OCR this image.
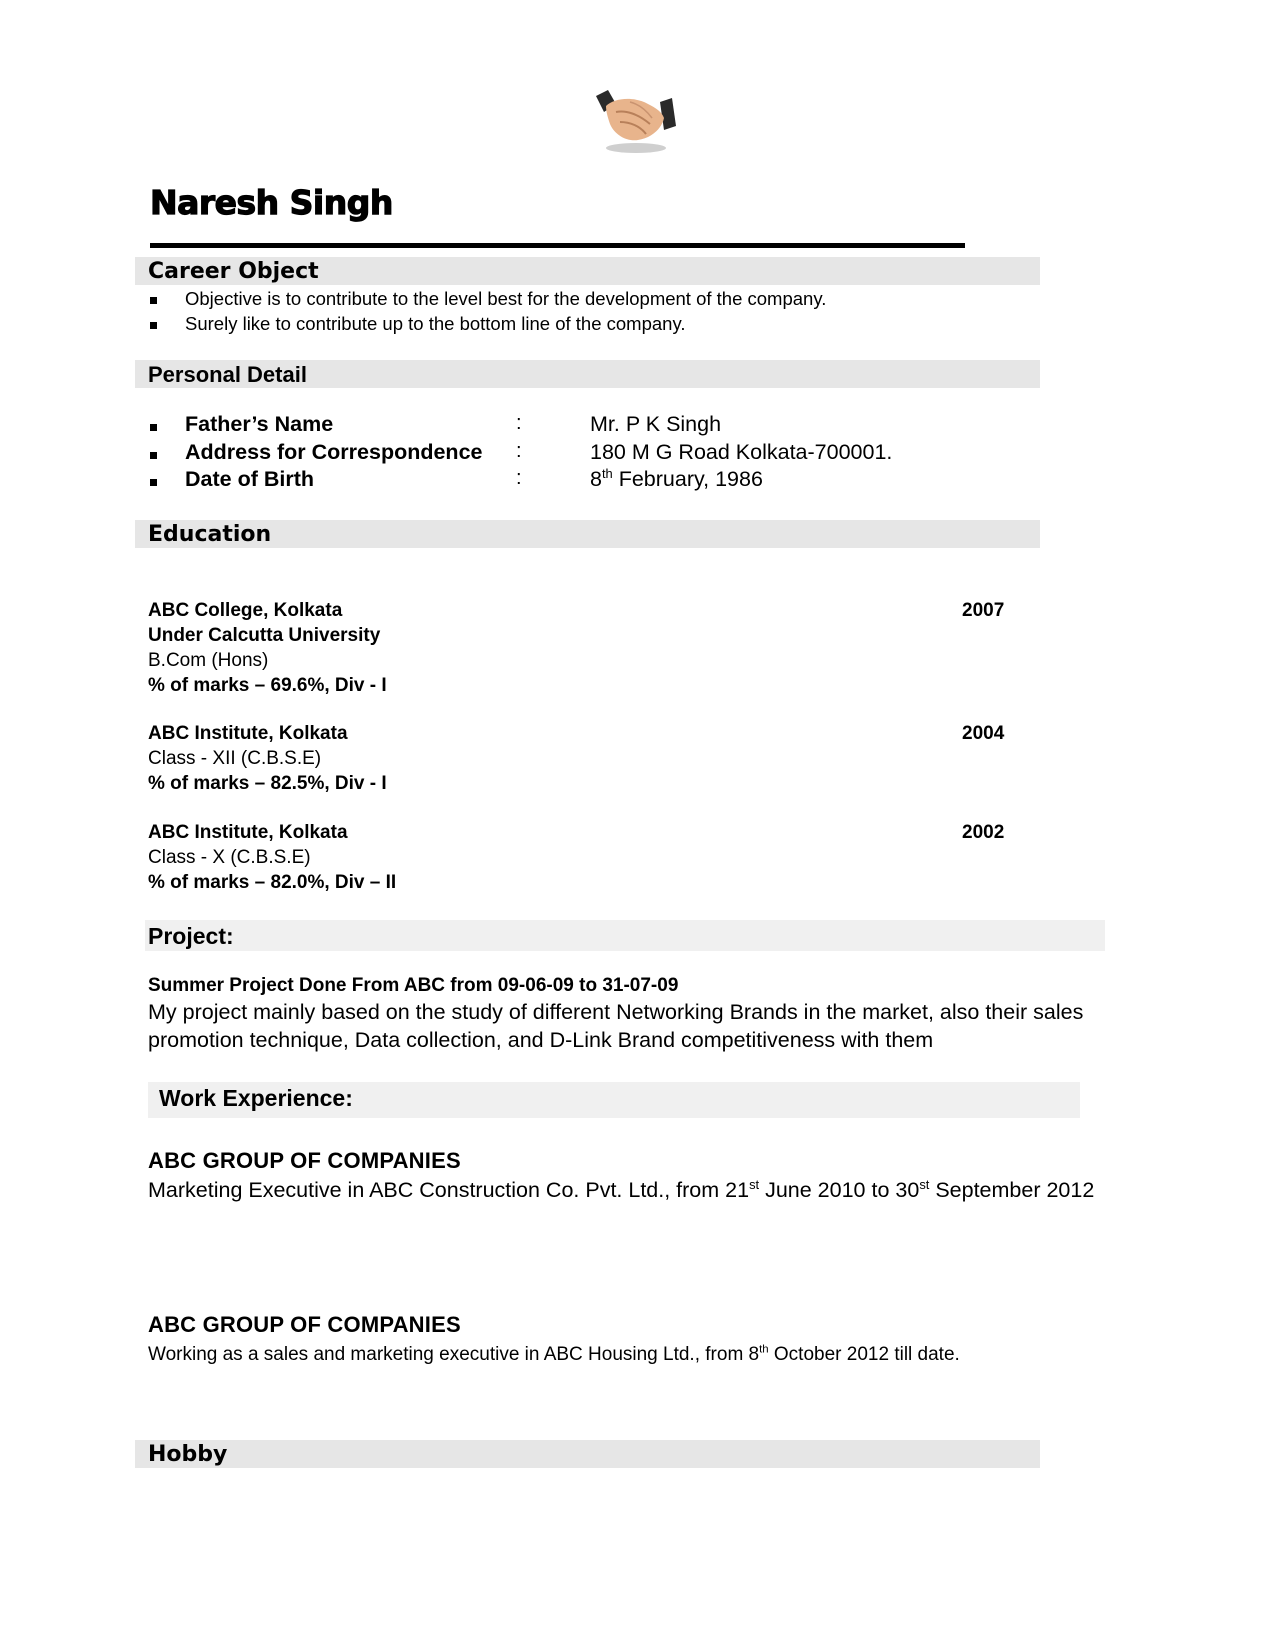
Naresh Singh
Career Object
Objective is to contribute to the level best for the development of the company.
Surely like to contribute up to the bottom line of the company.
Personal Detail
Father’s Name	:	Mr. P K Singh
Address for Correspondence :	180 M G Road Kolkata-700001.
Date of Birth	:	8th February, 1986
Education
2007
ABC College, Kolkata
Under Calcutta University
B.Com (Hons)
% of marks – 69.6%, Div - I
2004
ABC Institute, Kolkata
Class - XII (C.B.S.E)
% of marks – 82.5%, Div - I
2002
ABC Institute, Kolkata
Class - X (C.B.S.E)
% of marks – 82.0%, Div – II
Project:
Summer Project Done From ABC from 09-06-09 to 31-07-09
My project mainly based on the study of different Networking Brands in the market, also their sales promotion technique, Data collection, and D-Link Brand competitiveness with them
Work Experience:
ABC GROUP OF COMPANIES
Marketing Executive in ABC Construction Co. Pvt. Ltd., from 21st June 2010 to 30st September 2012
ABC GROUP OF COMPANIES
Working as a sales and marketing executive in ABC Housing Ltd., from 8th October 2012 till date.
Hobby
